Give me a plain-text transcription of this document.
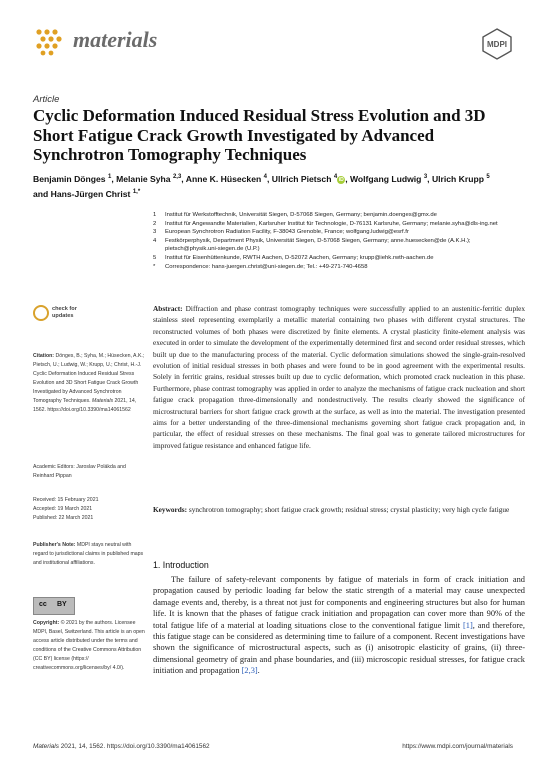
materials	MDPI
Article
Cyclic Deformation Induced Residual Stress Evolution and 3D Short Fatigue Crack Growth Investigated by Advanced Synchrotron Tomography Techniques
Benjamin Dönges $^1$, Melanie Syha $^{2,3}$, Anne K. Hüsecken $^4$, Ullrich Pietsch $^4$ iD , Wolfgang Ludwig $^3$, Ulrich Krupp $^5$
and Hans-Jürgen Christ $^{1,*}$
1 Institut für Werkstofftechnik, Universität Siegen, D-57068 Siegen, Germany; benjamin.doenges@gmx.de
2 Institut für Angewandte Materialien, Karlsruher Institut für Technologie, D-76131 Karlsruhe, Germany; melanie.syha@dls-ing.net
3 European Synchrotron Radiation Facility, F-38043 Grenoble, France; wolfgang.ludwig@esrf.fr
4 Festkörperphysik, Department Physik, Universität Siegen, D-57068 Siegen, Germany; anne.huesecken@de (A.K.H.); pietsch@physik.uni-siegen.de (U.P.)
5 Institut für Eisenhüttenkunde, RWTH Aachen, D-52072 Aachen, Germany; krupp@iehk.rwth-aachen.de
* Correspondence: hans-juergen.christ@uni-siegen.de; Tel.: +49-271-740-4658
check for
updates
Citation: Dönges, B.; Syha, M.; Hüsecken, A.K.; Pietsch, U.; Ludwig, W.; Krupp, U.; Christ, H.-J. Cyclic Deformation Induced Residual Stress Evolution and 3D Short Fatigue Crack Growth Investigated by Advanced Synchrotron Tomography Techniques. Materials 2021, 14, 1562. https://doi.org/10.3390/ma14061562
Academic Editors: Jaroslav Polákda and Reinhard Pippan
Received: 15 February 2021
Accepted: 19 March 2021
Published: 22 March 2021
Publisher's Note: MDPI stays neutral with regard to jurisdictional claims in published maps and institutional affiliations.
cc BY
Copyright: © 2021 by the authors. Licensee MDPI, Basel, Switzerland. This article is an open access article distributed under the terms and conditions of the Creative Commons Attribution (CC BY) license (https:// creativecommons.org/licenses/by/ 4.0/).
Abstract: Diffraction and phase contrast tomography techniques were successfully applied to an austenitic-ferritic duplex stainless steel representing exemplarily a metallic material containing two phases with different crystal structures. The reconstructed volumes of both phases were discretized by finite elements. A crystal plasticity finite-element analysis was executed in order to simulate the development of the experimentally determined first and second order residual stresses, which built up due to the manufacturing process of the material. Cyclic deformation simulations showed the single-grain-resolved evolution of initial residual stresses in both phases and were found to be in good agreement with the experimental results. Solely in ferritic grains, residual stresses built up due to cyclic deformation, which promoted crack nucleation in this phase. Furthermore, phase contrast tomography was applied in order to analyze the mechanisms of fatigue crack nucleation and short fatigue crack propagation three-dimensionally and nondestructively. The results clearly showed the significance of microstructural barriers for short fatigue crack growth at the surface, as well as into the material. The investigation presented aims for a better understanding of the three-dimensional mechanisms governing short fatigue crack propagation and, in particular, the effect of residual stresses on these mechanisms. The final goal was to generate tailored microstructures for improved fatigue resistance and enhanced fatigue life.
Keywords: synchrotron tomography; short fatigue crack growth; residual stress; crystal plasticity; very high cycle fatigue
1. Introduction
The failure of safety-relevant components by fatigue of materials in form of crack initiation and propagation caused by periodic loading far below the static strength of a material may cause unexpected damage events and, thereby, is a threat not just for components and engineering structures but also for human life. It is known that the phases of fatigue crack initiation and propagation can cover more than 90% of the total fatigue life of a material at loading situations close to the conventional fatigue limit [1], and therefore, this fatigue stage can be considered as determining time to failure of a component. Recent investigations have shown the significance of microstructural aspects, such as (i) anisotropic elasticity of grains, (ii) three-dimensional geometry of grain and phase boundaries, and (iii) microscopic residual stresses, for fatigue crack initiation and propagation [2,3].
Materials 2021, 14, 1562. https://doi.org/10.3390/ma14061562	https://www.mdpi.com/journal/materials
